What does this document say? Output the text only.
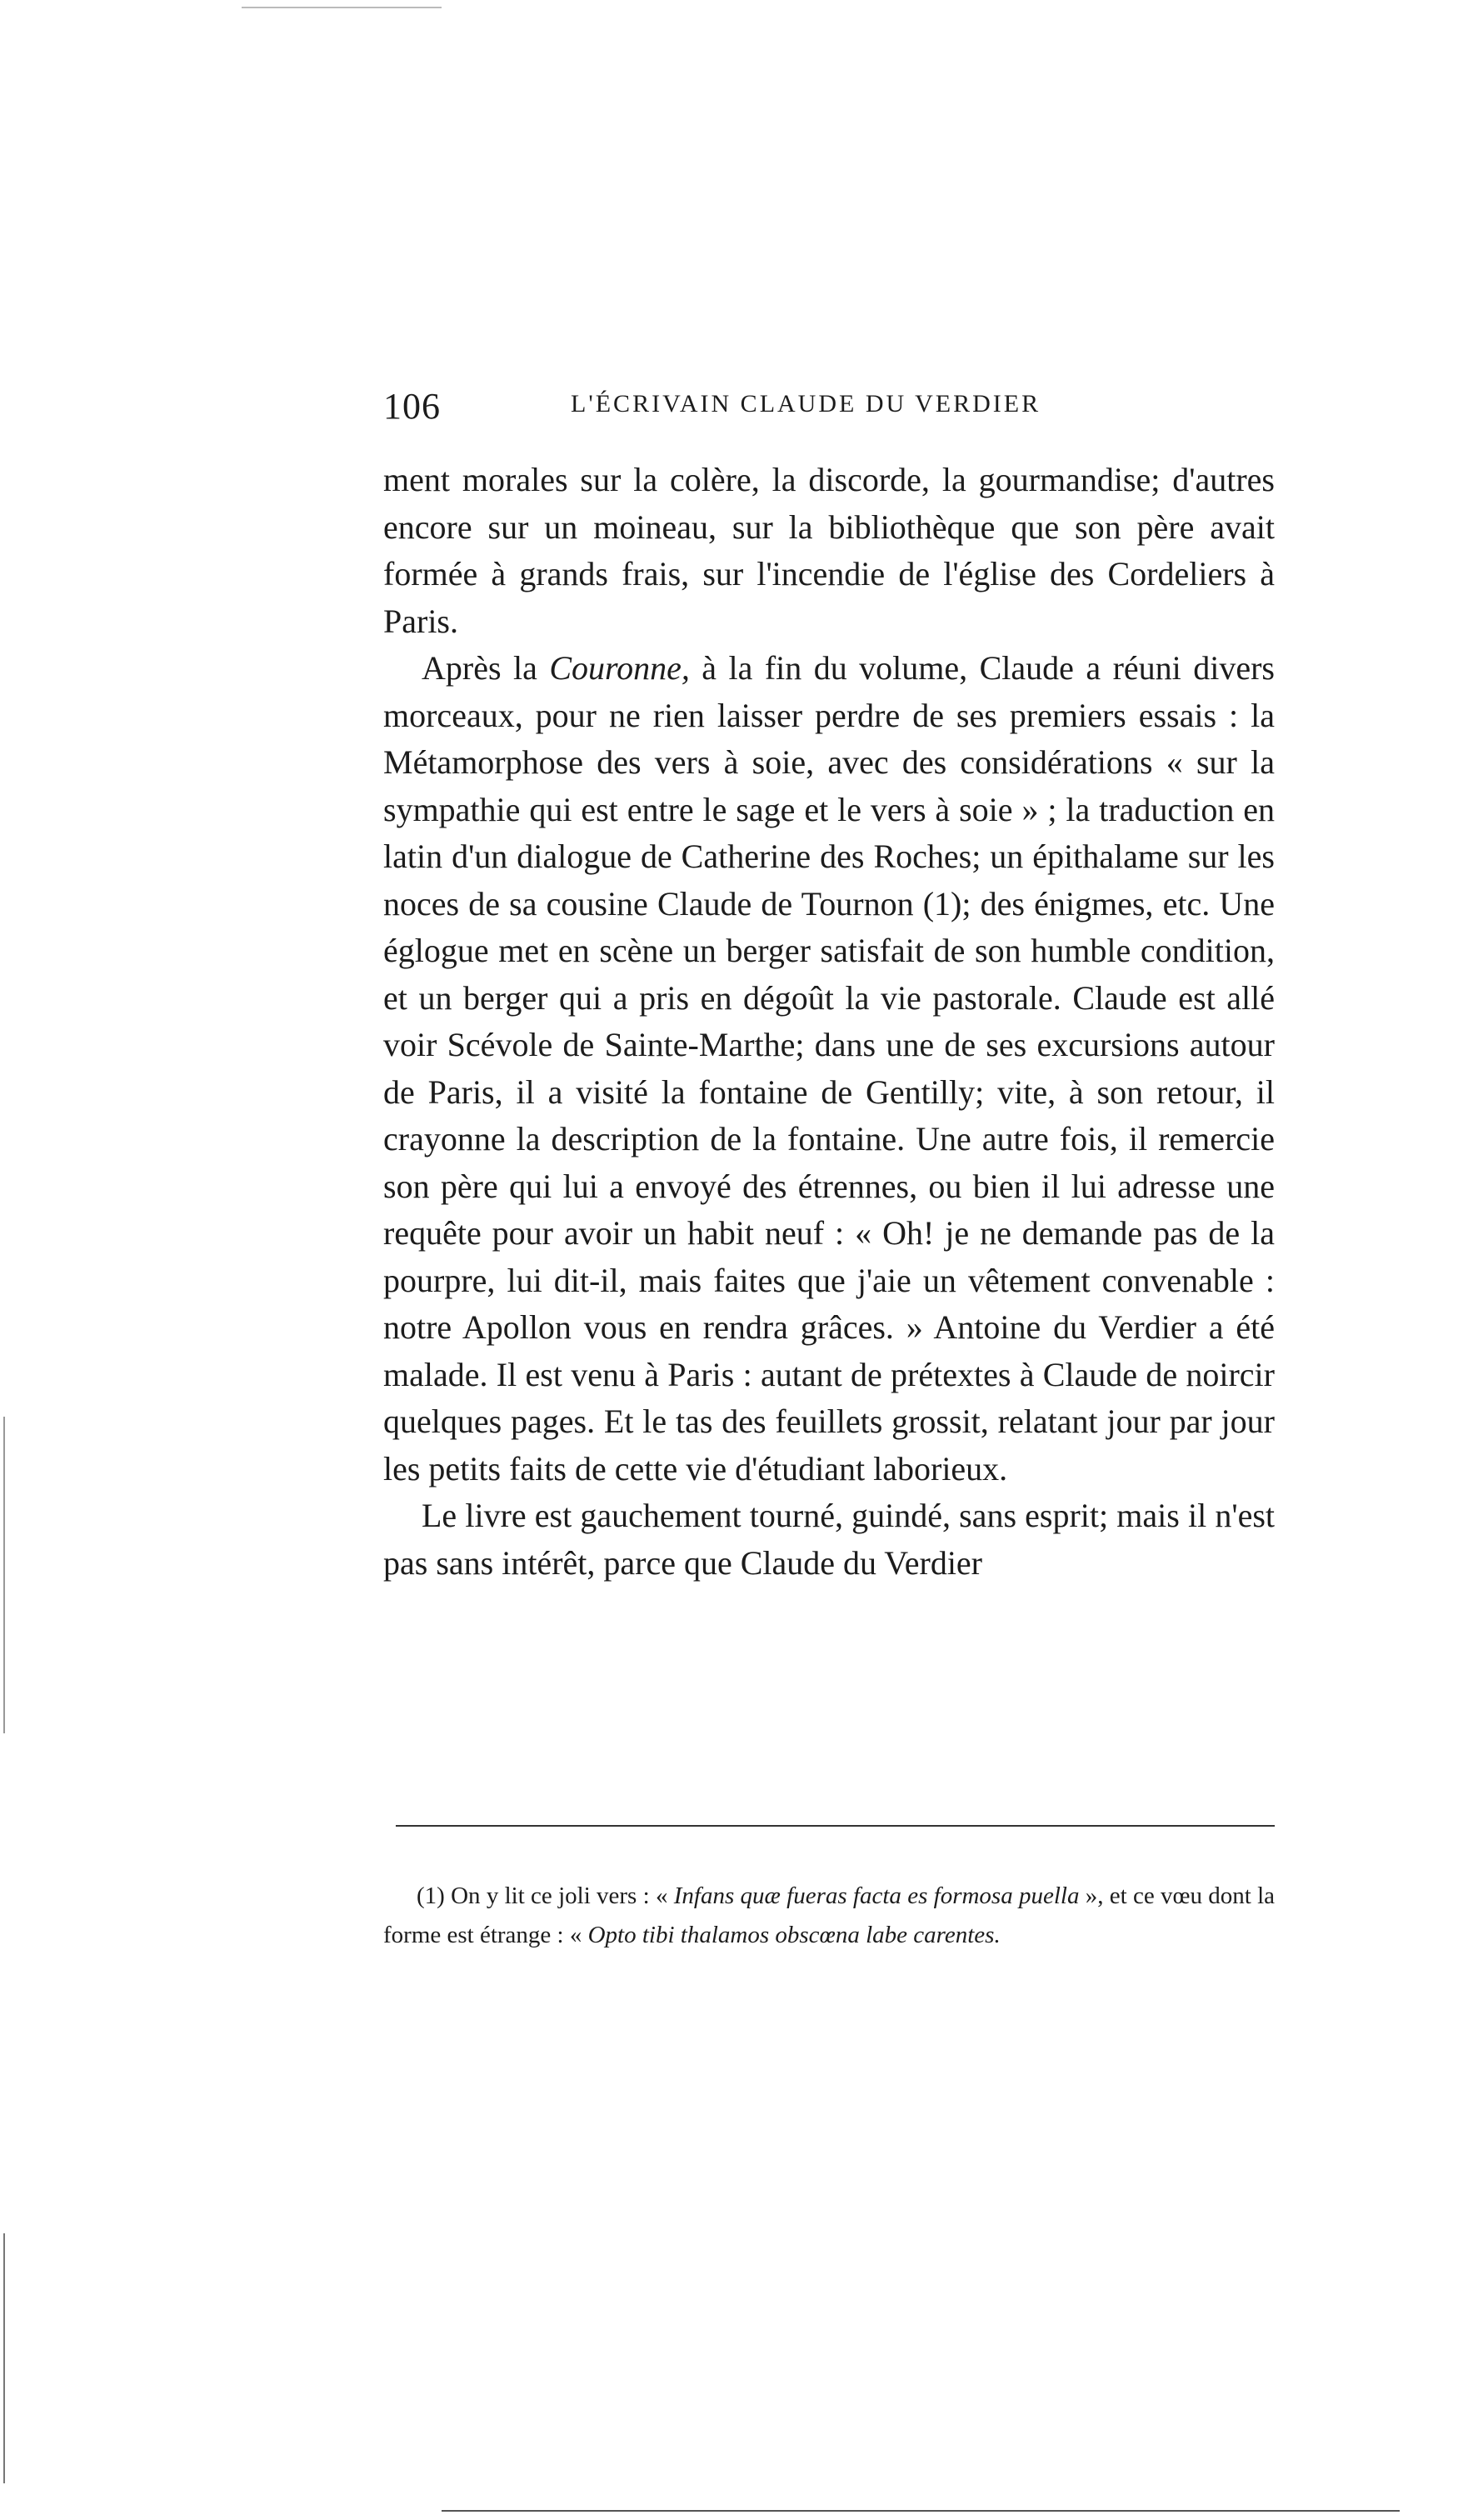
106	L'ÉCRIVAIN CLAUDE DU VERDIER

ment morales sur la colère, la discorde, la gourmandise; d'autres encore sur un moineau, sur la bibliothèque que son père avait formée à grands frais, sur l'incendie de l'église des Cordeliers à Paris.

Après la Couronne, à la fin du volume, Claude a réuni divers morceaux, pour ne rien laisser perdre de ses premiers essais : la Métamorphose des vers à soie, avec des considérations « sur la sympathie qui est entre le sage et le vers à soie » ; la traduction en latin d'un dialogue de Catherine des Roches; un épithalame sur les noces de sa cousine Claude de Tournon (1); des énigmes, etc. Une églogue met en scène un berger satisfait de son humble condition, et un berger qui a pris en dégoût la vie pastorale. Claude est allé voir Scévole de Sainte-Marthe; dans une de ses excursions autour de Paris, il a visité la fontaine de Gentilly; vite, à son retour, il crayonne la description de la fontaine. Une autre fois, il remercie son père qui lui a envoyé des étrennes, ou bien il lui adresse une requête pour avoir un habit neuf : « Oh! je ne demande pas de la pourpre, lui dit-il, mais faites que j'aie un vêtement convenable : notre Apollon vous en rendra grâces. » Antoine du Verdier a été malade. Il est venu à Paris : autant de prétextes à Claude de noircir quelques pages. Et le tas des feuillets grossit, relatant jour par jour les petits faits de cette vie d'étudiant laborieux.

Le livre est gauchement tourné, guindé, sans esprit; mais il n'est pas sans intérêt, parce que Claude du Verdier

(1) On y lit ce joli vers : « Infans quæ fueras facta es formosa puella », et ce vœu dont la forme est étrange : « Opto tibi thalamos obscœna labe carentes.
